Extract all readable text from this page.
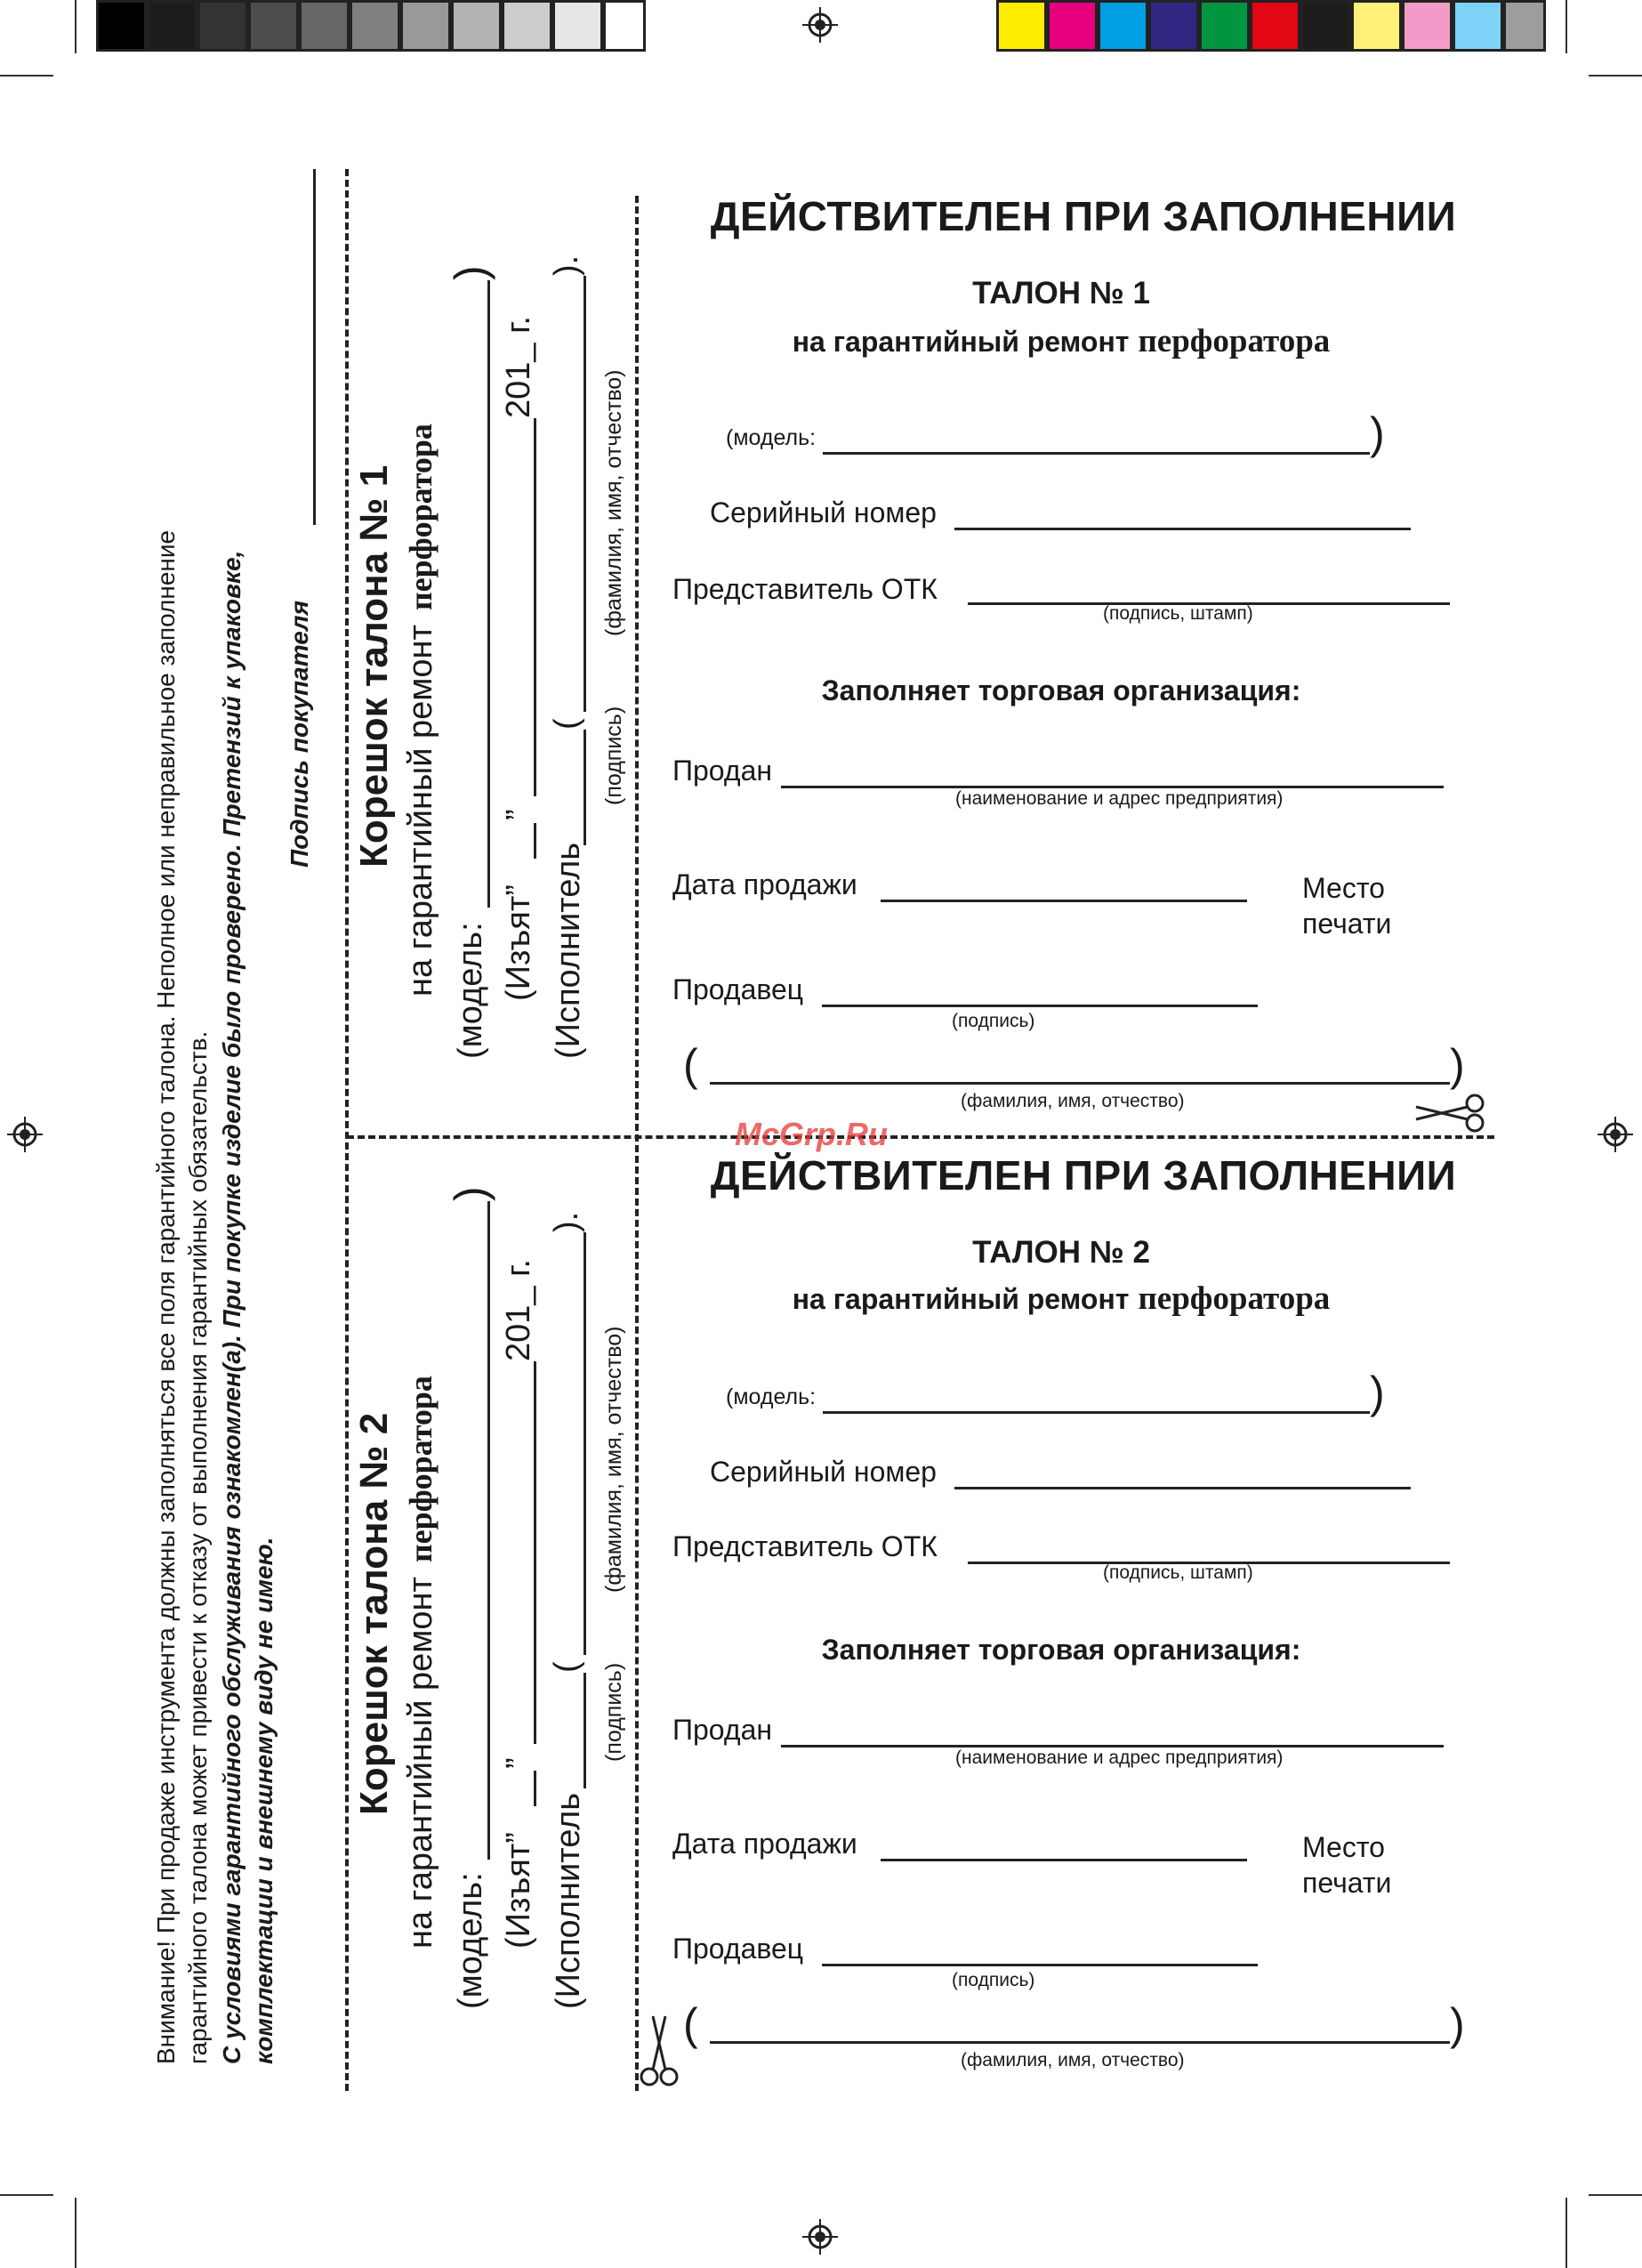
Внимание! При продаже инструмента должны заполняться все поля гарантийного талона. Неполное или неправильное заполнение гарантийного талона может привести к отказу от выполнения гарантийных обязательств. С условиями гарантийного обслуживания ознакомлен(а). При покупке изделие было проверено. Претензий к упаковке, комплектации и внешнему виду не имею.
Подпись покупателя Корешок талона № 1 на гарантийный ремонтперфоратора
(модель:
)
(Изъят”
”
201_ г.
(Исполнитель
(
).
(подпись)
(фамилия, имя, отчество)
Корешок талона № 2 на гарантийный ремонтперфоратора
(модель:
)
(Изъят”
”
201_ г.
(Исполнитель
(
).
(подпись)
(фамилия, имя, отчество)
ДЕЙСТВИТЕЛЕН ПРИ ЗАПОЛНЕНИИ
ТАЛОН № 1
на гарантийный ремонт перфоратора
(модель:	)
Серийный номер
Представитель ОТК
(подпись, штамп)
Заполняет торговая организация:
Продан
(наименование и адрес предприятия)
Дата продажи	Место
печати
Продавец
(подпись)
(	)
(фамилия, имя, отчество)
McGrp.Ru
ДЕЙСТВИТЕЛЕН ПРИ ЗАПОЛНЕНИИ
ТАЛОН № 2
на гарантийный ремонт перфоратора
(модель:	)
Серийный номер
Представитель ОТК
(подпись, штамп)
Заполняет торговая организация:
Продан
(наименование и адрес предприятия)
Дата продажи	Место
печати
Продавец
(подпись)
(	)
(фамилия, имя, отчество)
